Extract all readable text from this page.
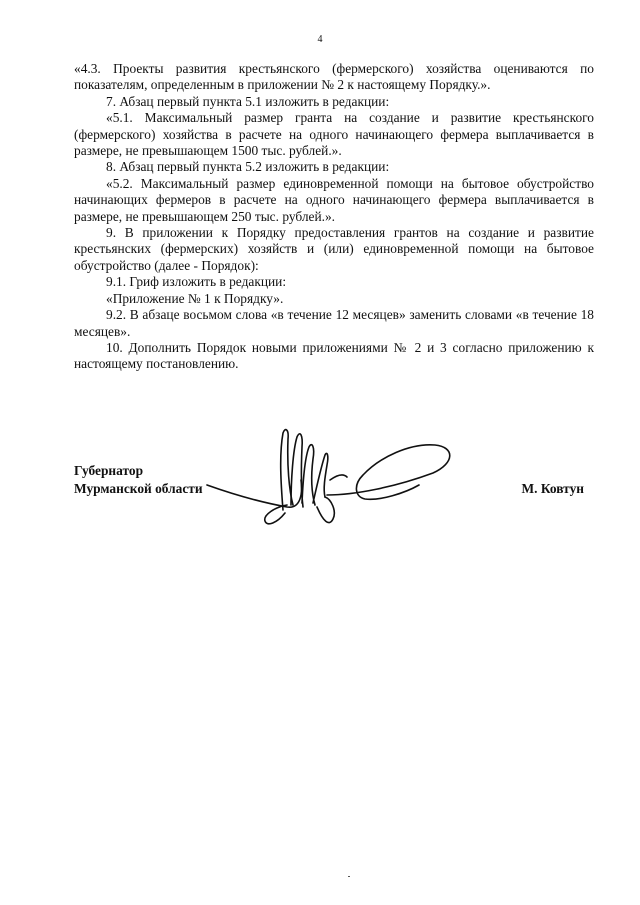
4

«4.3. Проекты развития крестьянского (фермерского) хозяйства оцениваются по показателям, определенным в приложении № 2 к настоящему Порядку.».

7. Абзац первый пункта 5.1 изложить в редакции:

«5.1. Максимальный размер гранта на создание и развитие крестьянского (фермерского) хозяйства в расчете на одного начинающего фермера выплачивается в размере, не превышающем 1500 тыс. рублей.».

8. Абзац первый пункта 5.2 изложить в редакции:

«5.2. Максимальный размер единовременной помощи на бытовое обустройство начинающих фермеров в расчете на одного начинающего фермера выплачивается в размере, не превышающем 250 тыс. рублей.».

9. В приложении к Порядку предоставления грантов на создание и развитие крестьянских (фермерских) хозяйств и (или) единовременной помощи на бытовое обустройство (далее - Порядок):

9.1. Гриф изложить в редакции:

«Приложение № 1 к Порядку».

9.2. В абзаце восьмом слова «в течение 12 месяцев» заменить словами «в течение 18 месяцев».

10. Дополнить Порядок новыми приложениями № 2 и 3 согласно приложению к настоящему постановлению.

Губернатор
Мурманской области	М. Ковтун
